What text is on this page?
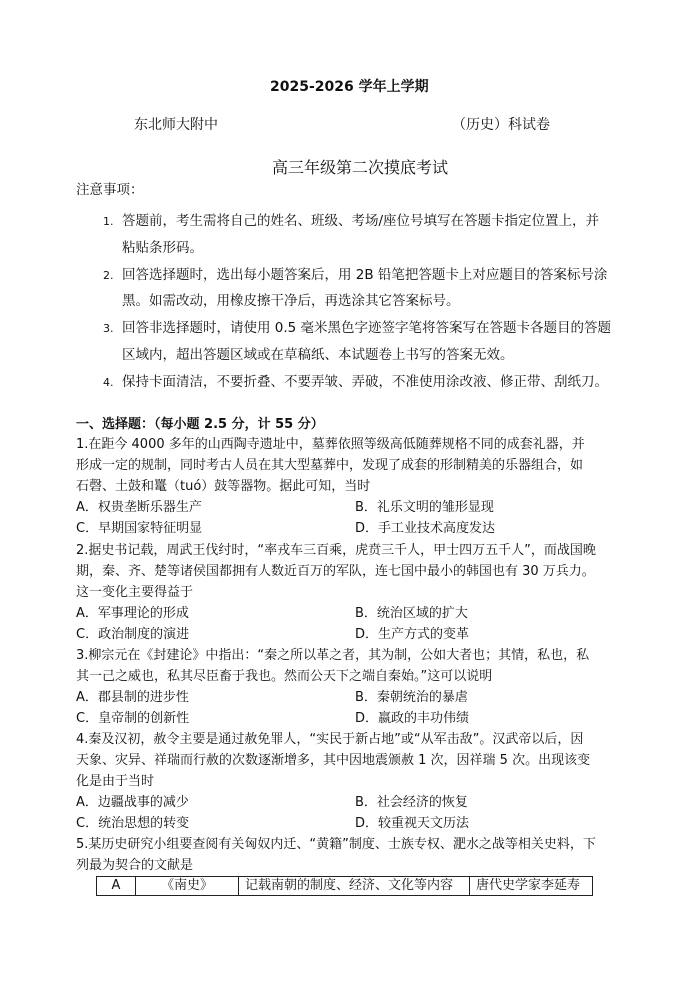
2025-2026 学年上学期
东北师大附中	（历史）科试卷
高三年级第二次摸底考试
注意事项：
1. 答题前，考生需将自己的姓名、班级、考场/座位号填写在答题卡指定位置上，并
粘贴条形码。
2. 回答选择题时，选出每小题答案后，用 2B 铅笔把答题卡上对应题目的答案标号涂
黑。如需改动，用橡皮擦干净后，再选涂其它答案标号。
3. 回答非选择题时，请使用 0.5 毫米黑色字迹签字笔将答案写在答题卡各题目的答题
区域内，超出答题区域或在草稿纸、本试题卷上书写的答案无效。
4. 保持卡面清洁，不要折叠、不要弄皱、弄破，不准使用涂改液、修正带、刮纸刀。
一、选择题：（每小题 2.5 分，计 55 分）
1.在距今 4000 多年的山西陶寺遗址中，墓葬依照等级高低随葬规格不同的成套礼器，并
形成一定的规制，同时考古人员在其大型墓葬中，发现了成套的形制精美的乐器组合，如
石磬、土鼓和鼍（tuó）鼓等器物。据此可知，当时
A．权贵垄断乐器生产	B．礼乐文明的雏形显现
C．早期国家特征明显	D．手工业技术高度发达
2.据史书记载，周武王伐纣时，“率戎车三百乘，虎贲三千人，甲士四万五千人”，而战国晚
期，秦、齐、楚等诸侯国都拥有人数近百万的军队，连七国中最小的韩国也有 30 万兵力。
这一变化主要得益于
A．军事理论的形成	B．统治区域的扩大
C．政治制度的演进	D．生产方式的变革
3.柳宗元在《封建论》中指出：“秦之所以革之者，其为制，公如大者也；其情，私也，私
其一己之威也，私其尽臣畜于我也。然而公天下之端自秦始。”这可以说明
A．郡县制的进步性	B．秦朝统治的暴虐
C．皇帝制的创新性	D．嬴政的丰功伟绩
4.秦及汉初，赦令主要是通过赦免罪人，“实民于新占地”或“从军击敌”。汉武帝以后，因
天象、灾异、祥瑞而行赦的次数逐渐增多，其中因地震颁赦 1 次，因祥瑞 5 次。出现该变
化是由于当时
A．边疆战事的减少	B．社会经济的恢复
C．统治思想的转变	D．较重视天文历法
5.某历史研究小组要查阅有关匈奴内迁、“黄籍”制度、士族专权、淝水之战等相关史料，下
列最为契合的文献是
A	《南史》	记载南朝的制度、经济、文化等内容	唐代史学家李延寿
